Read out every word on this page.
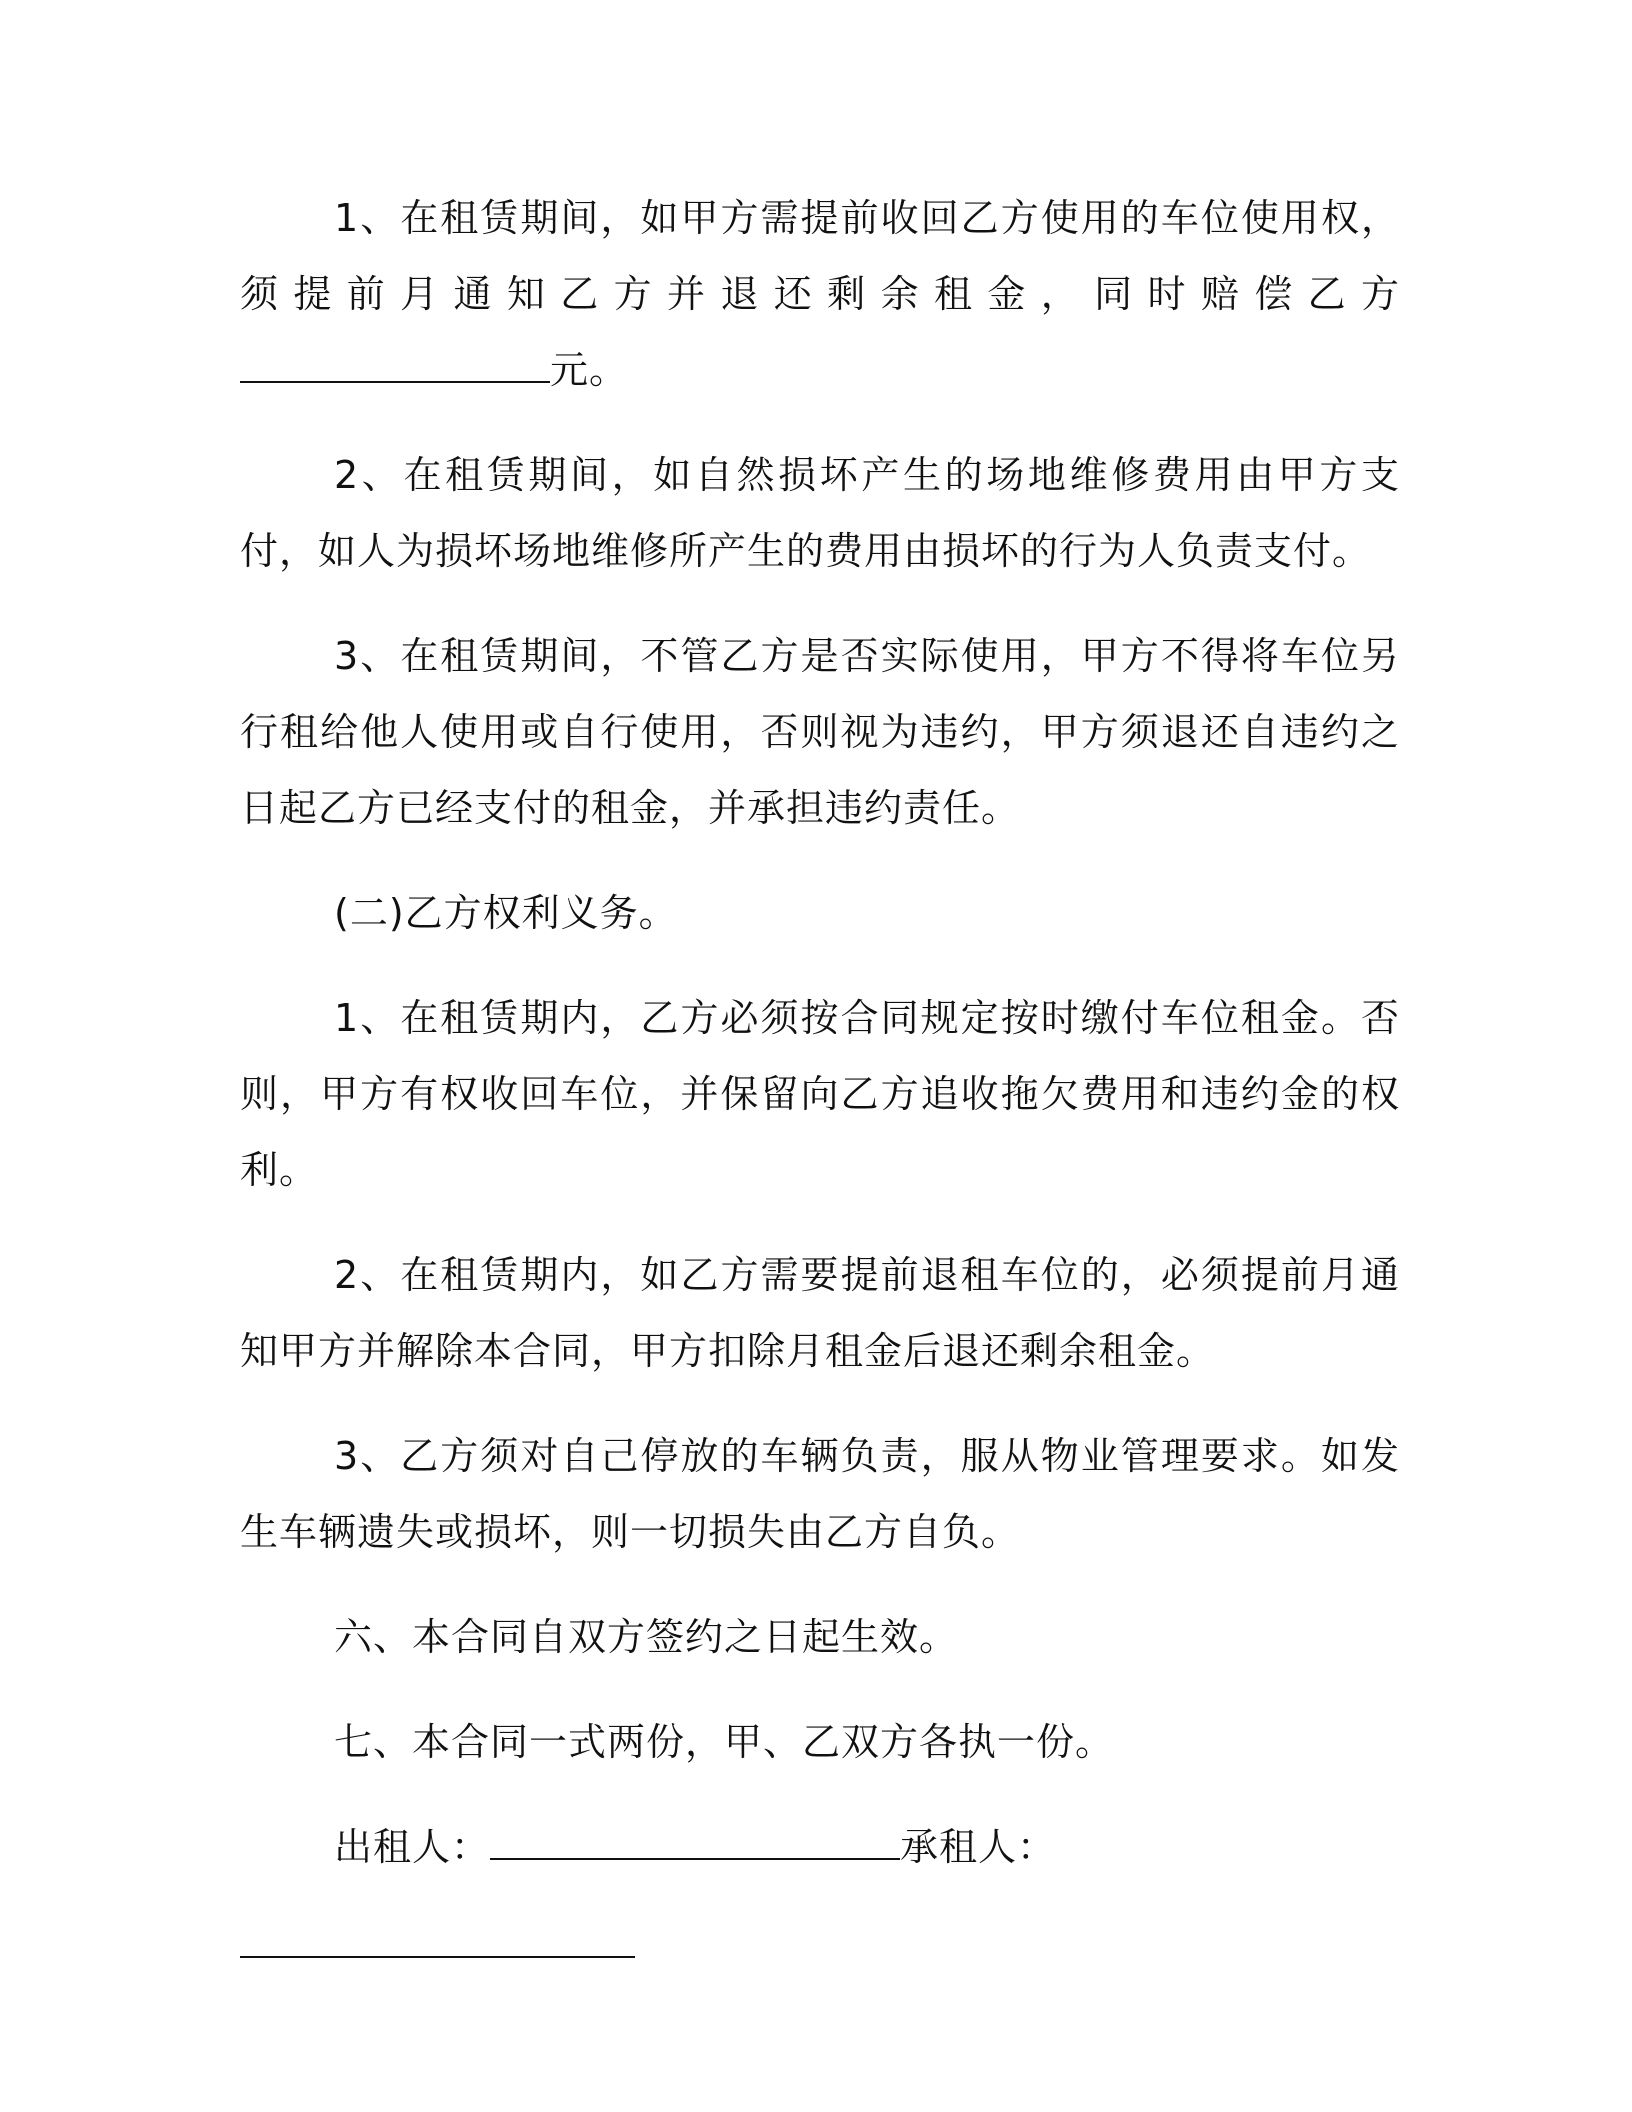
1、在租赁期间，如甲方需提前收回乙方使用的车位使用权，须提前月通知乙方并退还剩余租金，同时赔偿乙方元。

2、在租赁期间，如自然损坏产生的场地维修费用由甲方支付，如人为损坏场地维修所产生的费用由损坏的行为人负责支付。

3、在租赁期间，不管乙方是否实际使用，甲方不得将车位另行租给他人使用或自行使用，否则视为违约，甲方须退还自违约之日起乙方已经支付的租金，并承担违约责任。

(二)乙方权利义务。

1、在租赁期内，乙方必须按合同规定按时缴付车位租金。否则，甲方有权收回车位，并保留向乙方追收拖欠费用和违约金的权利。

2、在租赁期内，如乙方需要提前退租车位的，必须提前月通知甲方并解除本合同，甲方扣除月租金后退还剩余租金。

3、乙方须对自己停放的车辆负责，服从物业管理要求。如发生车辆遗失或损坏，则一切损失由乙方自负。

六、本合同自双方签约之日起生效。

七、本合同一式两份，甲、乙双方各执一份。

出租人：	承租人：
